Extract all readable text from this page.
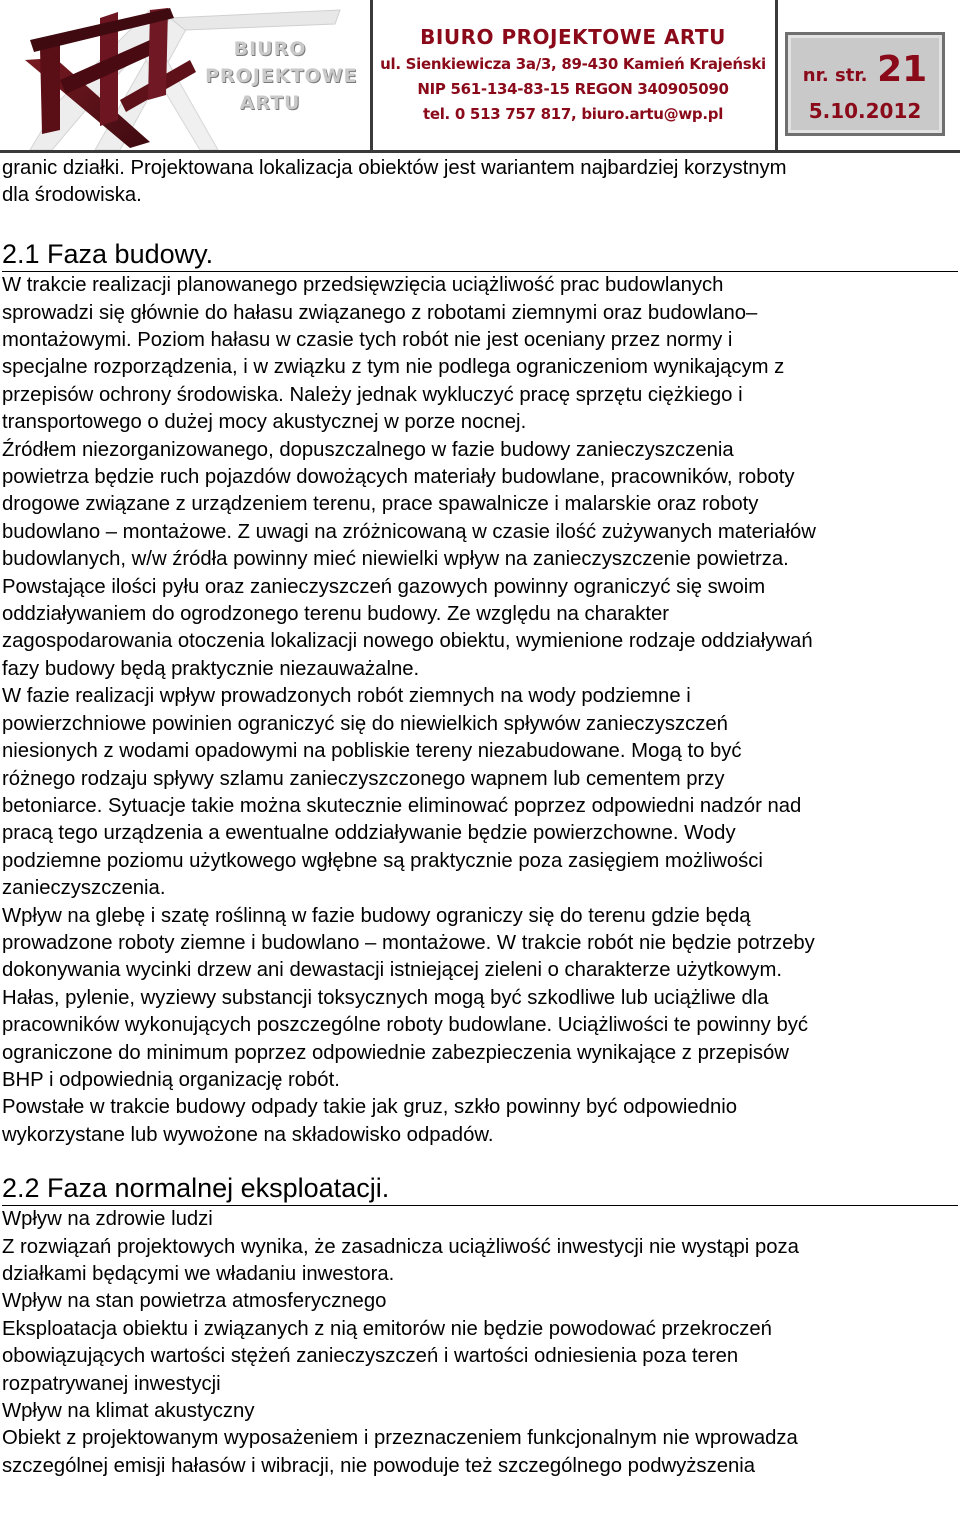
BIURO
PROJEKTOWE
ARTU
BIURO PROJEKTOWE ARTU
ul. Sienkiewicza 3a/3, 89-430 Kamień Krajeński
NIP 561-134-83-15 REGON 340905090
tel. 0 513 757 817, biuro.artu@wp.pl
nr. str. 21
5.10.2012

granic działki. Projektowana lokalizacja obiektów jest wariantem najbardziej korzystnym

dla środowiska.

2.1 Faza budowy.

W trakcie realizacji planowanego przedsięwzięcia uciążliwość prac budowlanych

sprowadzi się głównie do hałasu związanego z robotami ziemnymi oraz budowlano–

montażowymi. Poziom hałasu w czasie tych robót nie jest oceniany przez normy i

specjalne rozporządzenia, i w związku z tym nie podlega ograniczeniom wynikającym z

przepisów ochrony środowiska. Należy jednak wykluczyć pracę sprzętu ciężkiego i

transportowego o dużej mocy akustycznej w porze nocnej.

Źródłem niezorganizowanego, dopuszczalnego w fazie budowy zanieczyszczenia

powietrza będzie ruch pojazdów dowożących materiały budowlane, pracowników, roboty

drogowe związane z urządzeniem terenu, prace spawalnicze i malarskie oraz roboty

budowlano – montażowe. Z uwagi na zróżnicowaną w czasie ilość zużywanych materiałów

budowlanych, w/w źródła powinny mieć niewielki wpływ na zanieczyszczenie powietrza.

Powstające ilości pyłu oraz zanieczyszczeń gazowych powinny ograniczyć się swoim

oddziaływaniem do ogrodzonego terenu budowy. Ze względu na charakter

zagospodarowania otoczenia lokalizacji nowego obiektu, wymienione rodzaje oddziaływań

fazy budowy będą praktycznie niezauważalne.

W fazie realizacji wpływ prowadzonych robót ziemnych na wody podziemne i

powierzchniowe powinien ograniczyć się do niewielkich spływów zanieczyszczeń

niesionych z wodami opadowymi na pobliskie tereny niezabudowane. Mogą to być

różnego rodzaju spływy szlamu zanieczyszczonego wapnem lub cementem przy

betoniarce. Sytuacje takie można skutecznie eliminować poprzez odpowiedni nadzór nad

pracą tego urządzenia a ewentualne oddziaływanie będzie powierzchowne. Wody

podziemne poziomu użytkowego wgłębne są praktycznie poza zasięgiem możliwości

zanieczyszczenia.

Wpływ na glebę i szatę roślinną w fazie budowy ograniczy się do terenu gdzie będą

prowadzone roboty ziemne i budowlano – montażowe. W trakcie robót nie będzie potrzeby

dokonywania wycinki drzew ani dewastacji istniejącej zieleni o charakterze użytkowym.

Hałas, pylenie, wyziewy substancji toksycznych mogą być szkodliwe lub uciążliwe dla

pracowników wykonujących poszczególne roboty budowlane. Uciążliwości te powinny być

ograniczone do minimum poprzez odpowiednie zabezpieczenia wynikające z przepisów

BHP i odpowiednią organizację robót.

Powstałe w trakcie budowy odpady takie jak gruz, szkło powinny być odpowiednio

wykorzystane lub wywożone na składowisko odpadów.

2.2 Faza normalnej eksploatacji.

Wpływ na zdrowie ludzi

Z rozwiązań projektowych wynika, że zasadnicza uciążliwość inwestycji nie wystąpi poza

działkami będącymi we władaniu inwestora.

Wpływ na stan powietrza atmosferycznego

Eksploatacja obiektu i związanych z nią emitorów nie będzie powodować przekroczeń

obowiązujących wartości stężeń zanieczyszczeń i wartości odniesienia poza teren

rozpatrywanej inwestycji

Wpływ na klimat akustyczny

Obiekt z projektowanym wyposażeniem i przeznaczeniem funkcjonalnym nie wprowadza

szczególnej emisji hałasów i wibracji, nie powoduje też szczególnego podwyższenia
